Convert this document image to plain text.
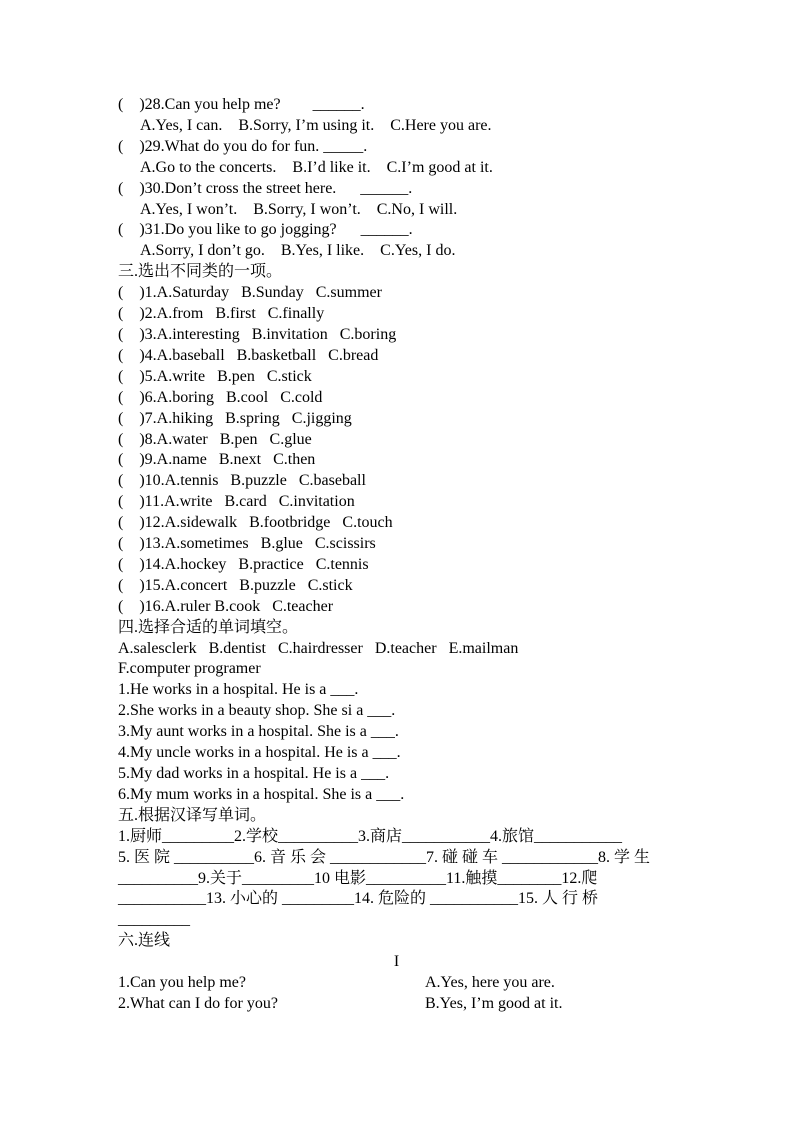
(    )28.Can you help me?        ______.
A.Yes, I can.    B.Sorry, I’m using it.    C.Here you are.
(    )29.What do you do for fun. _____.
A.Go to the concerts.    B.I’d like it.    C.I’m good at it.
(    )30.Don’t cross the street here.      ______.
A.Yes, I won’t.    B.Sorry, I won’t.    C.No, I will.
(    )31.Do you like to go jogging?      ______.
A.Sorry, I don’t go.    B.Yes, I like.    C.Yes, I do.
三.选出不同类的一项。
(    )1.A.Saturday   B.Sunday   C.summer
(    )2.A.from   B.first   C.finally
(    )3.A.interesting   B.invitation   C.boring
(    )4.A.baseball   B.basketball   C.bread
(    )5.A.write   B.pen   C.stick
(    )6.A.boring   B.cool   C.cold
(    )7.A.hiking   B.spring   C.jigging
(    )8.A.water   B.pen   C.glue
(    )9.A.name   B.next   C.then
(    )10.A.tennis   B.puzzle   C.baseball
(    )11.A.write   B.card   C.invitation
(    )12.A.sidewalk   B.footbridge   C.touch
(    )13.A.sometimes   B.glue   C.scissirs
(    )14.A.hockey   B.practice   C.tennis
(    )15.A.concert   B.puzzle   C.stick
(    )16.A.ruler B.cook   C.teacher
四.选择合适的单词填空。
A.salesclerk   B.dentist   C.hairdresser   D.teacher   E.mailman
F.computer programer
1.He works in a hospital. He is a ___.
2.She works in a beauty shop. She si a ___.
3.My aunt works in a hospital. She is a ___.
4.My uncle works in a hospital. He is a ___.
5.My dad works in a hospital. He is a ___.
6.My mum works in a hospital. She is a ___.
五.根据汉译写单词。
1.厨师_________2.学校__________3.商店___________4.旅馆___________
5. 医 院 __________6. 音 乐 会 ____________7. 碰 碰 车 ____________8. 学 生
__________9.关于_________10 电影__________11.触摸________12.爬
___________13. 小心的 _________14. 危险的 ___________15. 人 行 桥
_________
六.连线
I
1.Can you help me?	A.Yes, here you are.
2.What can I do for you?	B.Yes, I’m good at it.
